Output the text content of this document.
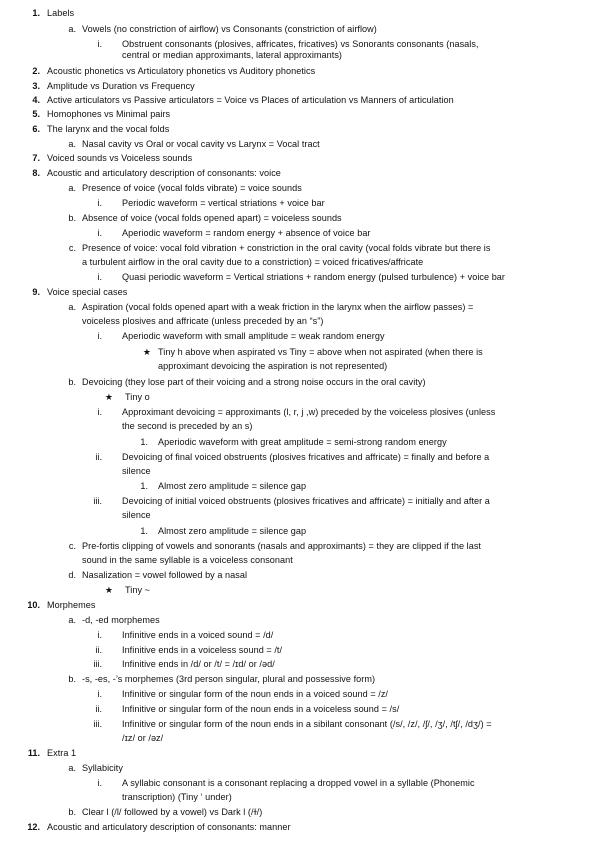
1. Labels
a. Vowels (no constriction of airflow) vs Consonants (constriction of airflow)
i. Obstruent consonants (plosives, affricates, fricatives) vs Sonorants consonants (nasals,
central or median approximants, lateral approximants)
2. Acoustic phonetics vs Articulatory phonetics vs Auditory phonetics
3. Amplitude vs Duration vs Frequency
4. Active articulators vs Passive articulators = Voice vs Places of articulation vs Manners of articulation
5. Homophones vs Minimal pairs
6. The larynx and the vocal folds
a. Nasal cavity vs Oral or vocal cavity vs Larynx = Vocal tract
7. Voiced sounds vs Voiceless sounds
8. Acoustic and articulatory description of consonants: voice
a. Presence of voice (vocal folds vibrate) = voice sounds
i. Periodic waveform = vertical striations + voice bar
b. Absence of voice (vocal folds opened apart) = voiceless sounds
i. Aperiodic waveform = random energy + absence of voice bar
c. Presence of voice: vocal fold vibration + constriction in the oral cavity (vocal folds vibrate but there is
a turbulent airflow in the oral cavity due to a constriction) = voiced fricatives/affricate
i. Quasi periodic waveform = Vertical striations + random energy (pulsed turbulence) + voice bar
9. Voice special cases
a. Aspiration (vocal folds opened apart with a weak friction in the larynx when the airflow passes) =
voiceless plosives and affricate (unless preceded by an “s”)
i. Aperiodic waveform with small amplitude = weak random energy
★ Tiny h above when aspirated vs Tiny = above when not aspirated (when there is
approximant devoicing the aspiration is not represented)
b. Devoicing (they lose part of their voicing and a strong noise occurs in the oral cavity)
★ Tiny o
i. Approximant devoicing = approximants (l, r, j ,w) preceded by the voiceless plosives (unless
the second is preceded by an s)
1. Aperiodic waveform with great amplitude = semi-strong random energy
ii. Devoicing of final voiced obstruents (plosives fricatives and affricate) = finally and before a
silence
1. Almost zero amplitude = silence gap
iii. Devoicing of initial voiced obstruents (plosives fricatives and affricate) = initially and after a
silence
1. Almost zero amplitude = silence gap
c. Pre-fortis clipping of vowels and sonorants (nasals and approximants) = they are clipped if the last
sound in the same syllable is a voiceless consonant
d. Nasalization = vowel followed by a nasal
★ Tiny ~
10. Morphemes
a. -d, -ed morphemes
i. Infinitive ends in a voiced sound = /d/
ii. Infinitive ends in a voiceless sound = /t/
iii. Infinitive ends in /d/ or /t/ = /ɪd/ or /əd/
b. -s, -es, -’s morphemes (3rd person singular, plural and possessive form)
i. Infinitive or singular form of the noun ends in a voiced sound = /z/
ii. Infinitive or singular form of the noun ends in a voiceless sound = /s/
iii. Infinitive or singular form of the noun ends in a sibilant consonant (/s/, /z/, /ʃ/, /ʒ/, /tʃ/, /dʒ/) =
/ɪz/ or /əz/
11. Extra 1
a. Syllabicity
i. A syllabic consonant is a consonant replacing a dropped vowel in a syllable (Phonemic
transcription) (Tiny ‘ under)
b. Clear l (/l/ followed by a vowel) vs Dark l (/ɫ/)
12. Acoustic and articulatory description of consonants: manner
